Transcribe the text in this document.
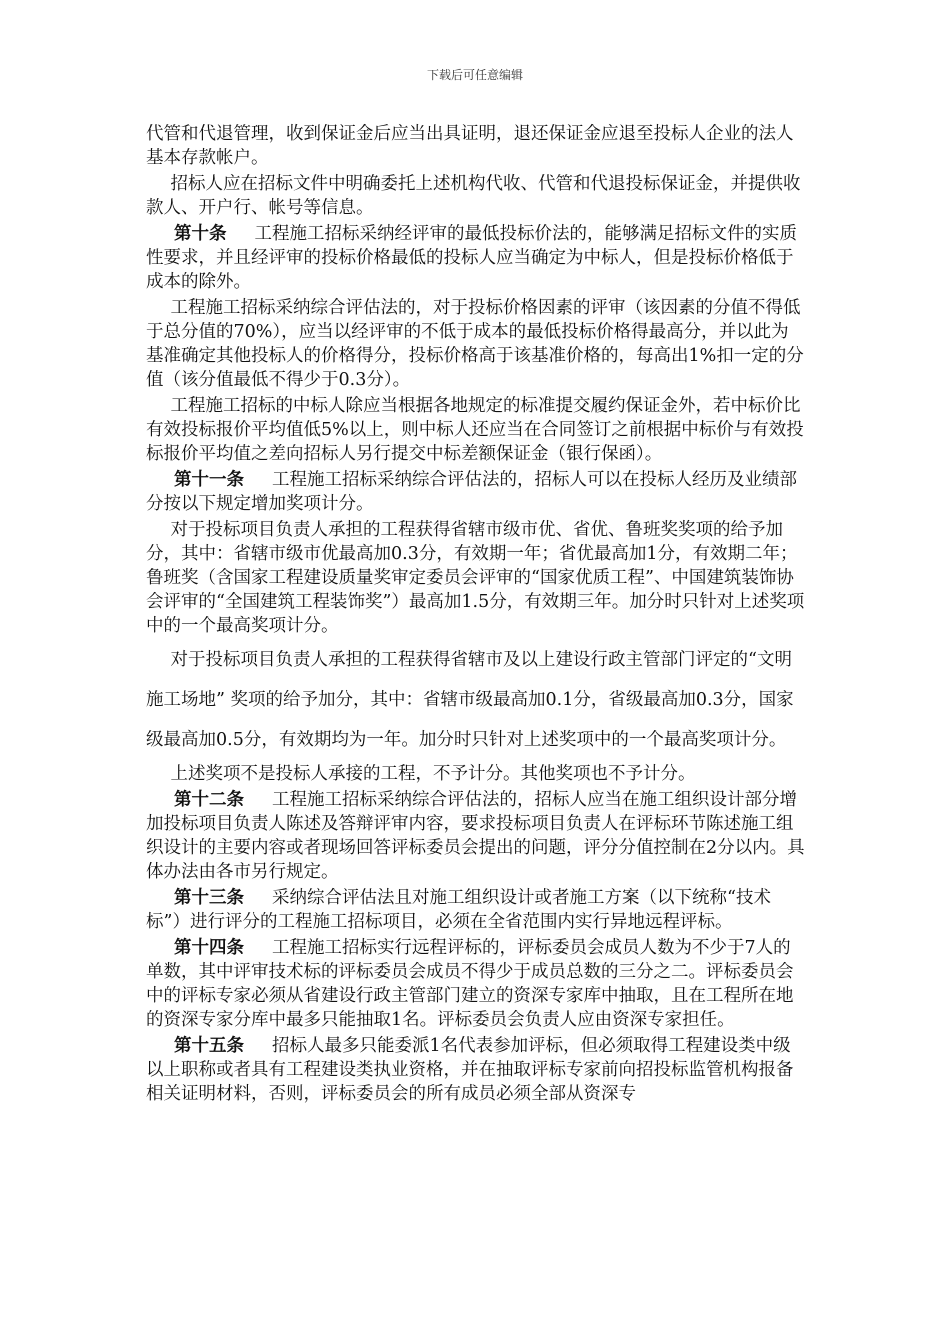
下载后可任意编辑

代管和代退管理，收到保证金后应当出具证明，退还保证金应退至投标人企业的法人基本存款帐户。

招标人应在招标文件中明确委托上述机构代收、代管和代退投标保证金，并提供收款人、开户行、帐号等信息。

第十条 工程施工招标采纳经评审的最低投标价法的，能够满足招标文件的实质性要求，并且经评审的投标价格最低的投标人应当确定为中标人，但是投标价格低于成本的除外。

工程施工招标采纳综合评估法的，对于投标价格因素的评审（该因素的分值不得低于总分值的70%），应当以经评审的不低于成本的最低投标价格得最高分，并以此为基准确定其他投标人的价格得分，投标价格高于该基准价格的，每高出1%扣一定的分值（该分值最低不得少于0.3分）。

工程施工招标的中标人除应当根据各地规定的标准提交履约保证金外，若中标价比有效投标报价平均值低5%以上，则中标人还应当在合同签订之前根据中标价与有效投标报价平均值之差向招标人另行提交中标差额保证金（银行保函）。

第十一条 工程施工招标采纳综合评估法的，招标人可以在投标人经历及业绩部分按以下规定增加奖项计分。

对于投标项目负责人承担的工程获得省辖市级市优、省优、鲁班奖奖项的给予加分，其中：省辖市级市优最高加0.3分，有效期一年；省优最高加1分，有效期二年；鲁班奖（含国家工程建设质量奖审定委员会评审的“国家优质工程”、中国建筑装饰协会评审的“全国建筑工程装饰奖”）最高加1.5分，有效期三年。加分时只针对上述奖项中的一个最高奖项计分。

对于投标项目负责人承担的工程获得省辖市及以上建设行政主管部门评定的“文明施工场地” 奖项的给予加分，其中：省辖市级最高加0.1分，省级最高加0.3分，国家级最高加0.5分，有效期均为一年。加分时只针对上述奖项中的一个最高奖项计分。

上述奖项不是投标人承接的工程，不予计分。其他奖项也不予计分。

第十二条 工程施工招标采纳综合评估法的，招标人应当在施工组织设计部分增加投标项目负责人陈述及答辩评审内容，要求投标项目负责人在评标环节陈述施工组织设计的主要内容或者现场回答评标委员会提出的问题，评分分值控制在2分以内。具体办法由各市另行规定。

第十三条 采纳综合评估法且对施工组织设计或者施工方案（以下统称“技术标”）进行评分的工程施工招标项目，必须在全省范围内实行异地远程评标。

第十四条 工程施工招标实行远程评标的，评标委员会成员人数为不少于7人的单数，其中评审技术标的评标委员会成员不得少于成员总数的三分之二。评标委员会中的评标专家必须从省建设行政主管部门建立的资深专家库中抽取，且在工程所在地的资深专家分库中最多只能抽取1名。评标委员会负责人应由资深专家担任。

第十五条 招标人最多只能委派1名代表参加评标，但必须取得工程建设类中级以上职称或者具有工程建设类执业资格，并在抽取评标专家前向招投标监管机构报备相关证明材料，否则，评标委员会的所有成员必须全部从资深专
